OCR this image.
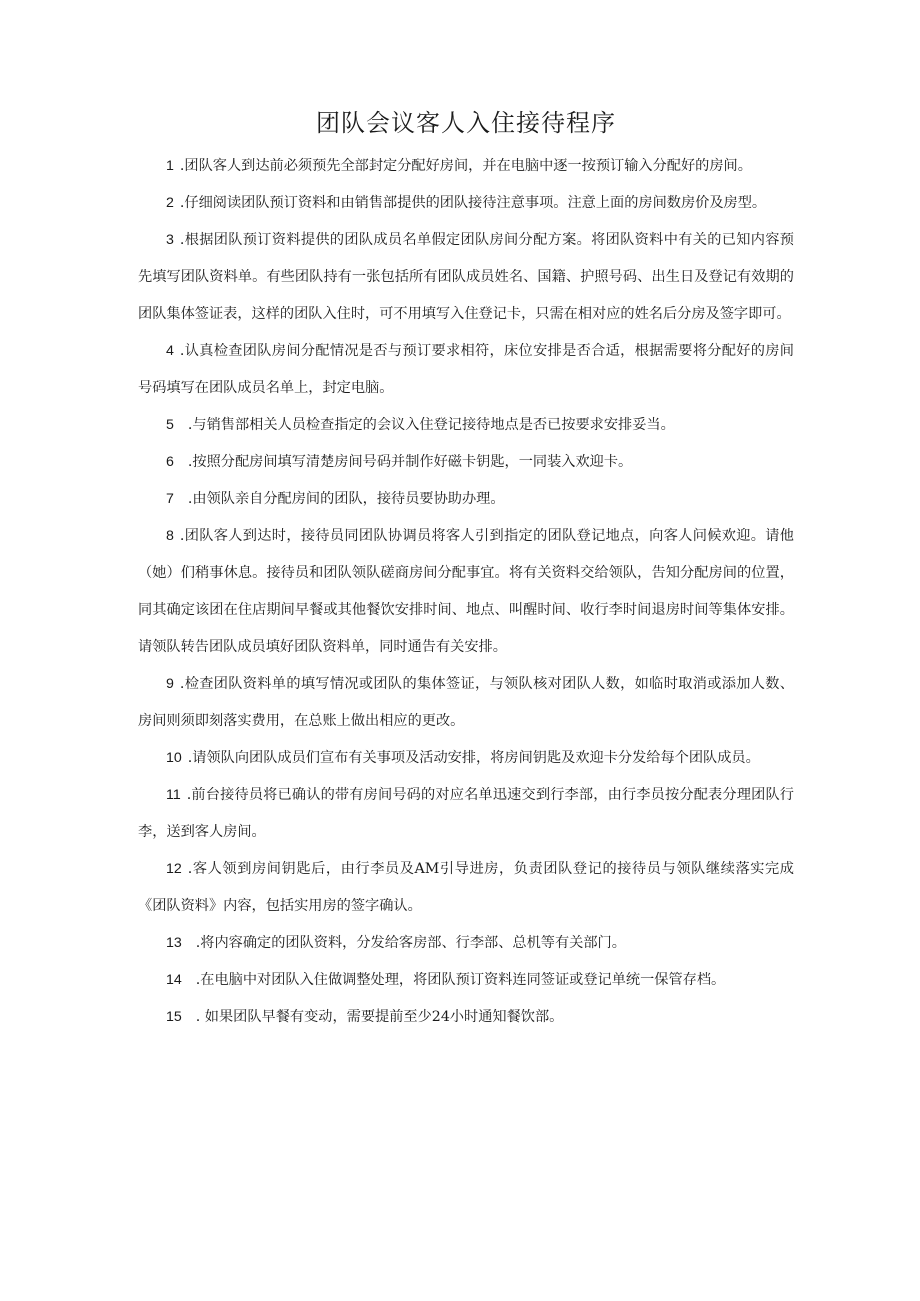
团队会议客人入住接待程序

1 .团队客人到达前必须预先全部封定分配好房间，并在电脑中逐一按预订输入分配好的房间。

2 .仔细阅读团队预订资料和由销售部提供的团队接待注意事项。注意上面的房间数房价及房型。

3 .根据团队预订资料提供的团队成员名单假定团队房间分配方案。将团队资料中有关的已知内容预先填写团队资料单。有些团队持有一张包括所有团队成员姓名、国籍、护照号码、出生日及登记有效期的团队集体签证表，这样的团队入住时，可不用填写入住登记卡，只需在相对应的姓名后分房及签字即可。

4 .认真检查团队房间分配情况是否与预订要求相符，床位安排是否合适，根据需要将分配好的房间号码填写在团队成员名单上，封定电脑。

5 .与销售部相关人员检查指定的会议入住登记接待地点是否已按要求安排妥当。

6 .按照分配房间填写清楚房间号码并制作好磁卡钥匙，一同装入欢迎卡。

7 .由领队亲自分配房间的团队，接待员要协助办理。

8 .团队客人到达时，接待员同团队协调员将客人引到指定的团队登记地点，向客人问候欢迎。请他（她）们稍事休息。接待员和团队领队磋商房间分配事宜。将有关资料交给领队，告知分配房间的位置，同其确定该团在住店期间早餐或其他餐饮安排时间、地点、叫醒时间、收行李时间退房时间等集体安排。请领队转告团队成员填好团队资料单，同时通告有关安排。

9 .检查团队资料单的填写情况或团队的集体签证，与领队核对团队人数，如临时取消或添加人数、房间则须即刻落实费用，在总账上做出相应的更改。

10 .请领队向团队成员们宣布有关事项及活动安排，将房间钥匙及欢迎卡分发给每个团队成员。

11 .前台接待员将已确认的带有房间号码的对应名单迅速交到行李部，由行李员按分配表分理团队行李，送到客人房间。

12 .客人领到房间钥匙后，由行李员及AM引导进房，负责团队登记的接待员与领队继续落实完成《团队资料》内容，包括实用房的签字确认。

13 .将内容确定的团队资料，分发给客房部、行李部、总机等有关部门。

14 .在电脑中对团队入住做调整处理，将团队预订资料连同签证或登记单统一保管存档。

15 . 如果团队早餐有变动，需要提前至少24小时通知餐饮部。
